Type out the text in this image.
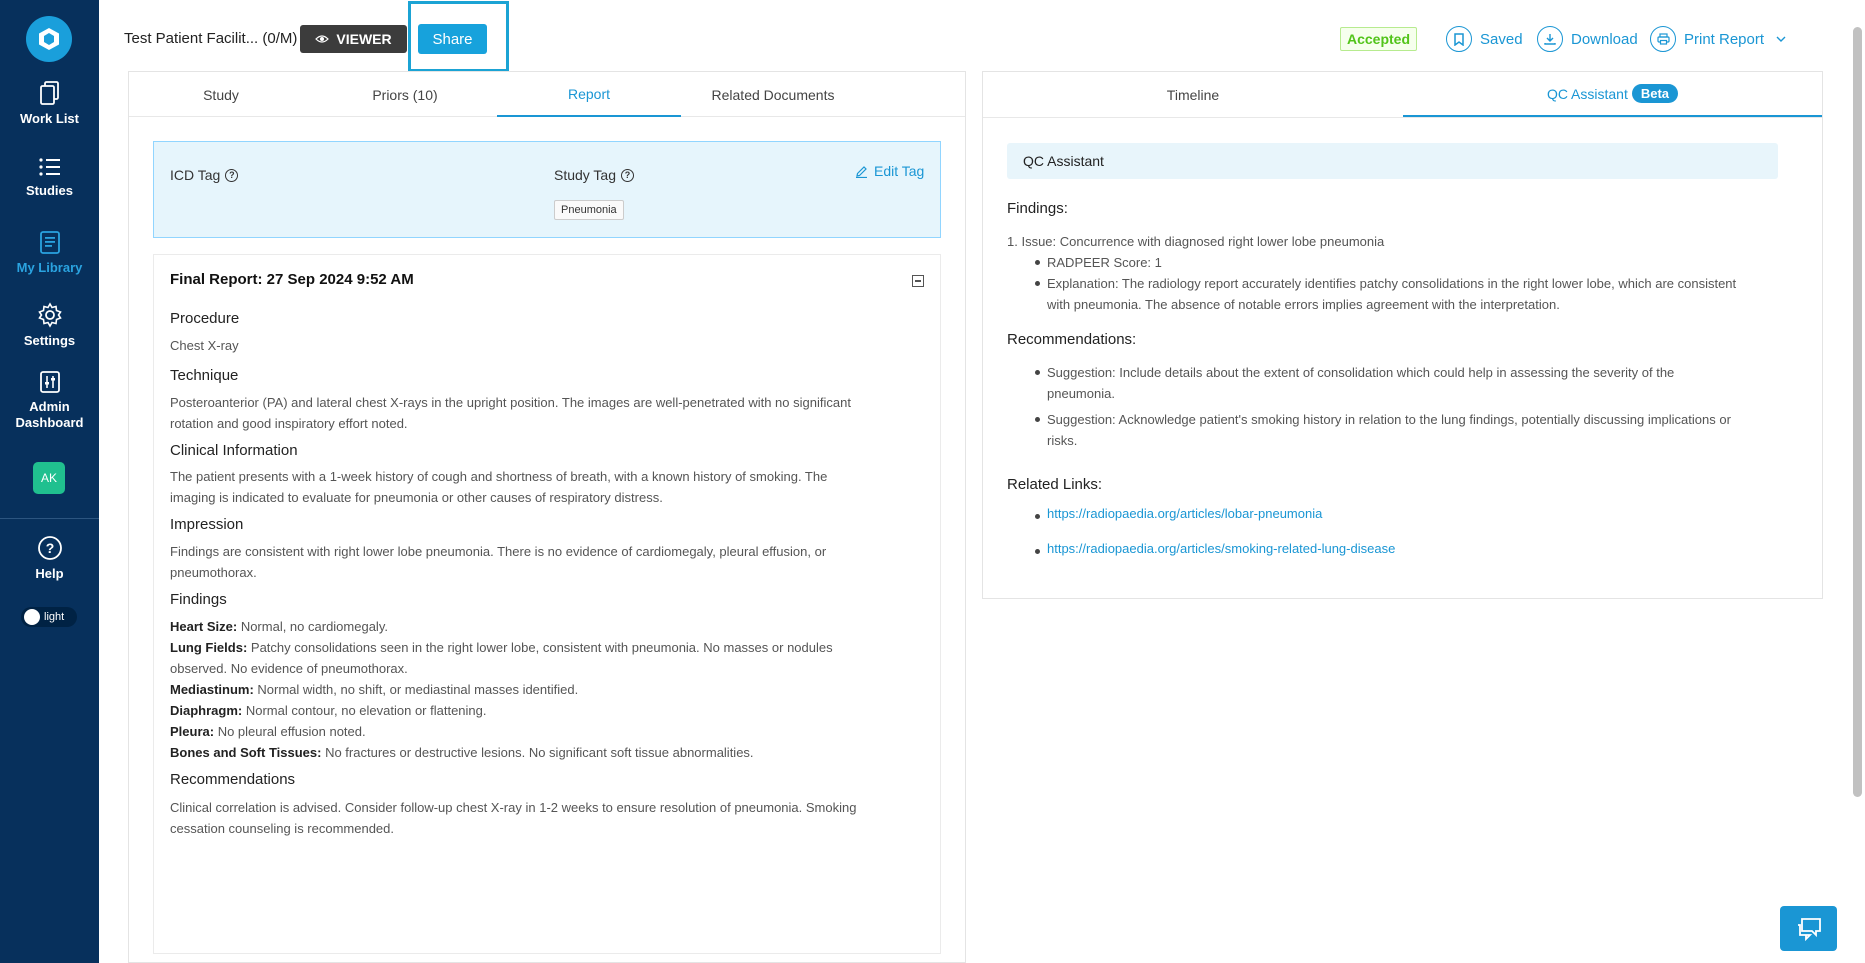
Work List
Studies
My Library
Settings
Admin Dashboard
AK
?
Help
light
Test Patient Facilit... (0/M)	VIEWER	Share	Accepted	Saved	Download	Print Report
Study	Priors (10)	Report	Related Documents
ICD Tag ?	Study Tag ?	Edit Tag
Pneumonia
Final Report: 27 Sep 2024 9:52 AM
Procedure
Chest X-ray
Technique
Posteroanterior (PA) and lateral chest X-rays in the upright position. The images are well-penetrated with no significant
rotation and good inspiratory effort noted.
Clinical Information
The patient presents with a 1-week history of cough and shortness of breath, with a known history of smoking. The
imaging is indicated to evaluate for pneumonia or other causes of respiratory distress.
Impression
Findings are consistent with right lower lobe pneumonia. There is no evidence of cardiomegaly, pleural effusion, or
pneumothorax.
Findings
Heart Size: Normal, no cardiomegaly.
Lung Fields: Patchy consolidations seen in the right lower lobe, consistent with pneumonia. No masses or nodules
observed. No evidence of pneumothorax.
Mediastinum: Normal width, no shift, or mediastinal masses identified.
Diaphragm: Normal contour, no elevation or flattening.
Pleura: No pleural effusion noted.
Bones and Soft Tissues: No fractures or destructive lesions. No significant soft tissue abnormalities.
Recommendations
Clinical correlation is advised. Consider follow-up chest X-ray in 1-2 weeks to ensure resolution of pneumonia. Smoking
cessation counseling is recommended.
Timeline	QC Assistant	Beta
QC Assistant
Findings:
1. Issue: Concurrence with diagnosed right lower lobe pneumonia
RADPEER Score: 1
Explanation: The radiology report accurately identifies patchy consolidations in the right lower lobe, which are consistent
with pneumonia. The absence of notable errors implies agreement with the interpretation.
Recommendations:
Suggestion: Include details about the extent of consolidation which could help in assessing the severity of the
pneumonia.
Suggestion: Acknowledge patient's smoking history in relation to the lung findings, potentially discussing implications or
risks.
Related Links:
https://radiopaedia.org/articles/lobar-pneumonia
https://radiopaedia.org/articles/smoking-related-lung-disease
